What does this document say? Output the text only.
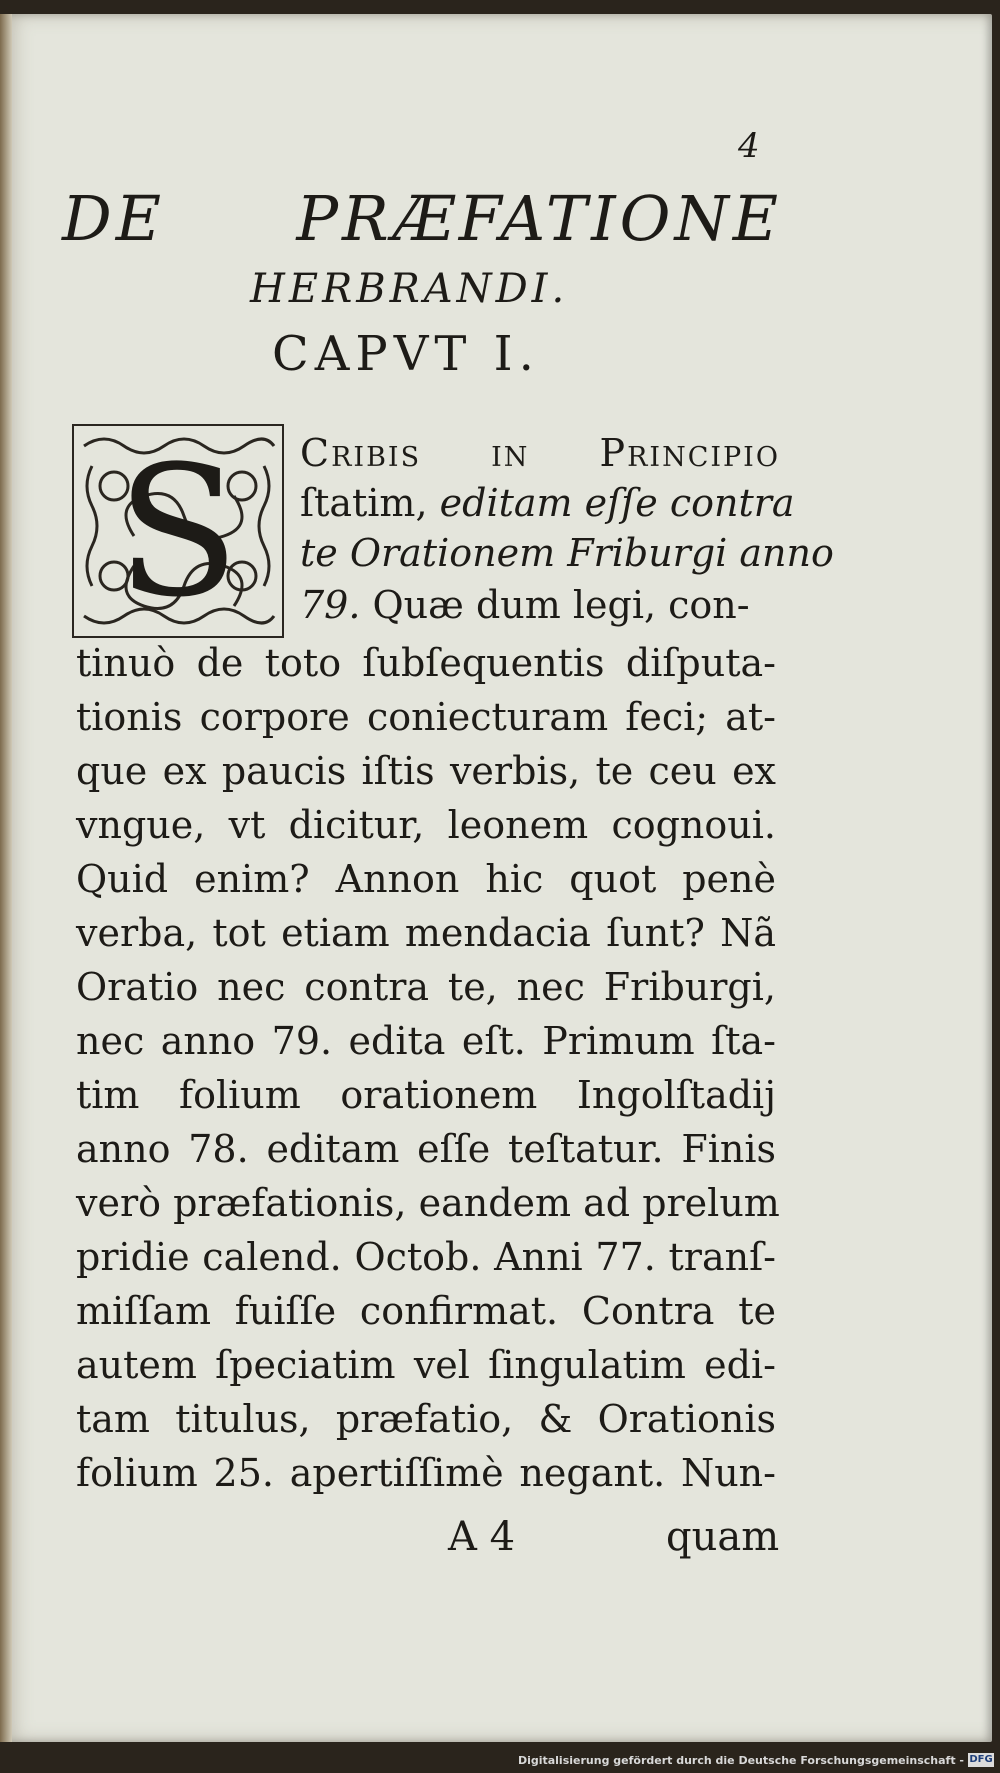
4
DE PRÆFATIONE
HERBRANDI.
CAPVT I.
S Cribis in Principio
ſtatim, editam eſſe contra
te Orationem Friburgi anno
79. Quæ dum legi, con-
tinuò de toto ſubſequentis diſputa-
tionis corpore coniecturam feci; at-
que ex paucis iſtis verbis, te ceu ex
vngue, vt dicitur, leonem cognoui.
Quid enim? Annon hic quot penè
verba, tot etiam mendacia ſunt? Nã
Oratio nec contra te, nec Friburgi,
nec anno 79. edita eſt. Primum ſta-
tim folium orationem Ingolſtadij
anno 78. editam eſſe teſtatur. Finis
verò præfationis, eandem ad prelum
pridie calend. Octob. Anni 77. tranſ-
miſſam fuiſſe confirmat. Contra te
autem ſpeciatim vel ſingulatim edi-
tam titulus, præfatio, & Orationis
folium 25. apertiſſimè negant. Nun-
A 4	quam
Digitalisierung gefördert durch die Deutsche Forschungsgemeinschaft - DFG
